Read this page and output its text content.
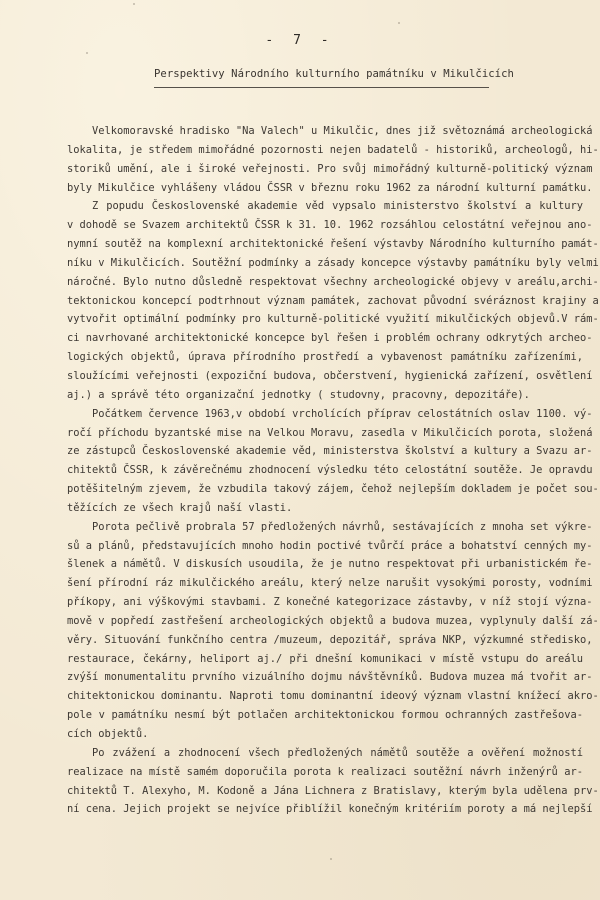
- 7 -
Perspektivy Národního kulturního památníku v Mikulčicích
Velkomoravské hradisko "Na Valech" u Mikulčic, dnes již světoznámá archeologická
lokalita, je středem mimořádné pozornosti nejen badatelů - historiků, archeologů, hi-
storiků umění, ale i široké veřejnosti. Pro svůj mimořádný kulturně-politický význam
byly Mikulčice vyhlášeny vládou ČSSR v březnu roku 1962 za národní kulturní památku.
Z popudu Československé akademie věd vypsalo ministerstvo školství a kultury
v dohodě se Svazem architektů ČSSR k 31. 10. 1962 rozsáhlou celostátní veřejnou ano-
nymní soutěž na komplexní architektonické řešení výstavby Národního kulturního památ-
níku v Mikulčicích. Soutěžní podmínky a zásady koncepce výstavby památníku byly velmi
náročné. Bylo nutno důsledně respektovat všechny archeologické objevy v areálu,archi-
tektonickou koncepcí podtrhnout význam památek, zachovat původní svéráznost krajiny a
vytvořit optimální podmínky pro kulturně-politické využití mikulčických objevů.V rám-
ci navrhované architektonické koncepce byl řešen i problém ochrany odkrytých archeo-
logických objektů, úprava přírodního prostředí a vybavenost památníku zařízeními,
sloužícími veřejnosti (expoziční budova, občerstvení, hygienická zařízení, osvětlení
aj.) a správě této organizační jednotky ( studovny, pracovny, depozitáře).
Počátkem července 1963,v období vrcholících příprav celostátních oslav 1100. vý-
ročí příchodu byzantské mise na Velkou Moravu, zasedla v Mikulčicích porota, složená
ze zástupců Československé akademie věd, ministerstva školství a kultury a Svazu ar-
chitektů ČSSR, k závěrečnému zhodnocení výsledku této celostátní soutěže. Je opravdu
potěšitelným zjevem, že vzbudila takový zájem, čehož nejlepším dokladem je počet sou-
těžících ze všech krajů naší vlasti.
Porota pečlivě probrala 57 předložených návrhů, sestávajících z mnoha set výkre-
sů a plánů, představujících mnoho hodin poctivé tvůrčí práce a bohatství cenných my-
šlenek a námětů. V diskusích usoudila, že je nutno respektovat při urbanistickém ře-
šení přírodní ráz mikulčického areálu, který nelze narušit vysokými porosty, vodními
příkopy, ani výškovými stavbami. Z konečné kategorizace zástavby, v níž stojí význa-
mově v popředí zastřešení archeologických objektů a budova muzea, vyplynuly další zá-
věry. Situování funkčního centra /muzeum, depozitář, správa NKP, výzkumné středisko,
restaurace, čekárny, heliport aj./ při dnešní komunikaci v místě vstupu do areálu
zvýší monumentalitu prvního vizuálního dojmu návštěvníků. Budova muzea má tvořit ar-
chitektonickou dominantu. Naproti tomu dominantní ideový význam vlastní knížecí akro-
pole v památníku nesmí být potlačen architektonickou formou ochranných zastřešova-
cích objektů.
Po zvážení a zhodnocení všech předložených námětů soutěže a ověření možností
realizace na místě samém doporučila porota k realizaci soutěžní návrh inženýrů ar-
chitektů T. Alexyho, M. Kodoně a Jána Lichnera z Bratislavy, kterým byla udělena prv-
ní cena. Jejich projekt se nejvíce přiblížil konečným kritériím poroty a má nejlepší
